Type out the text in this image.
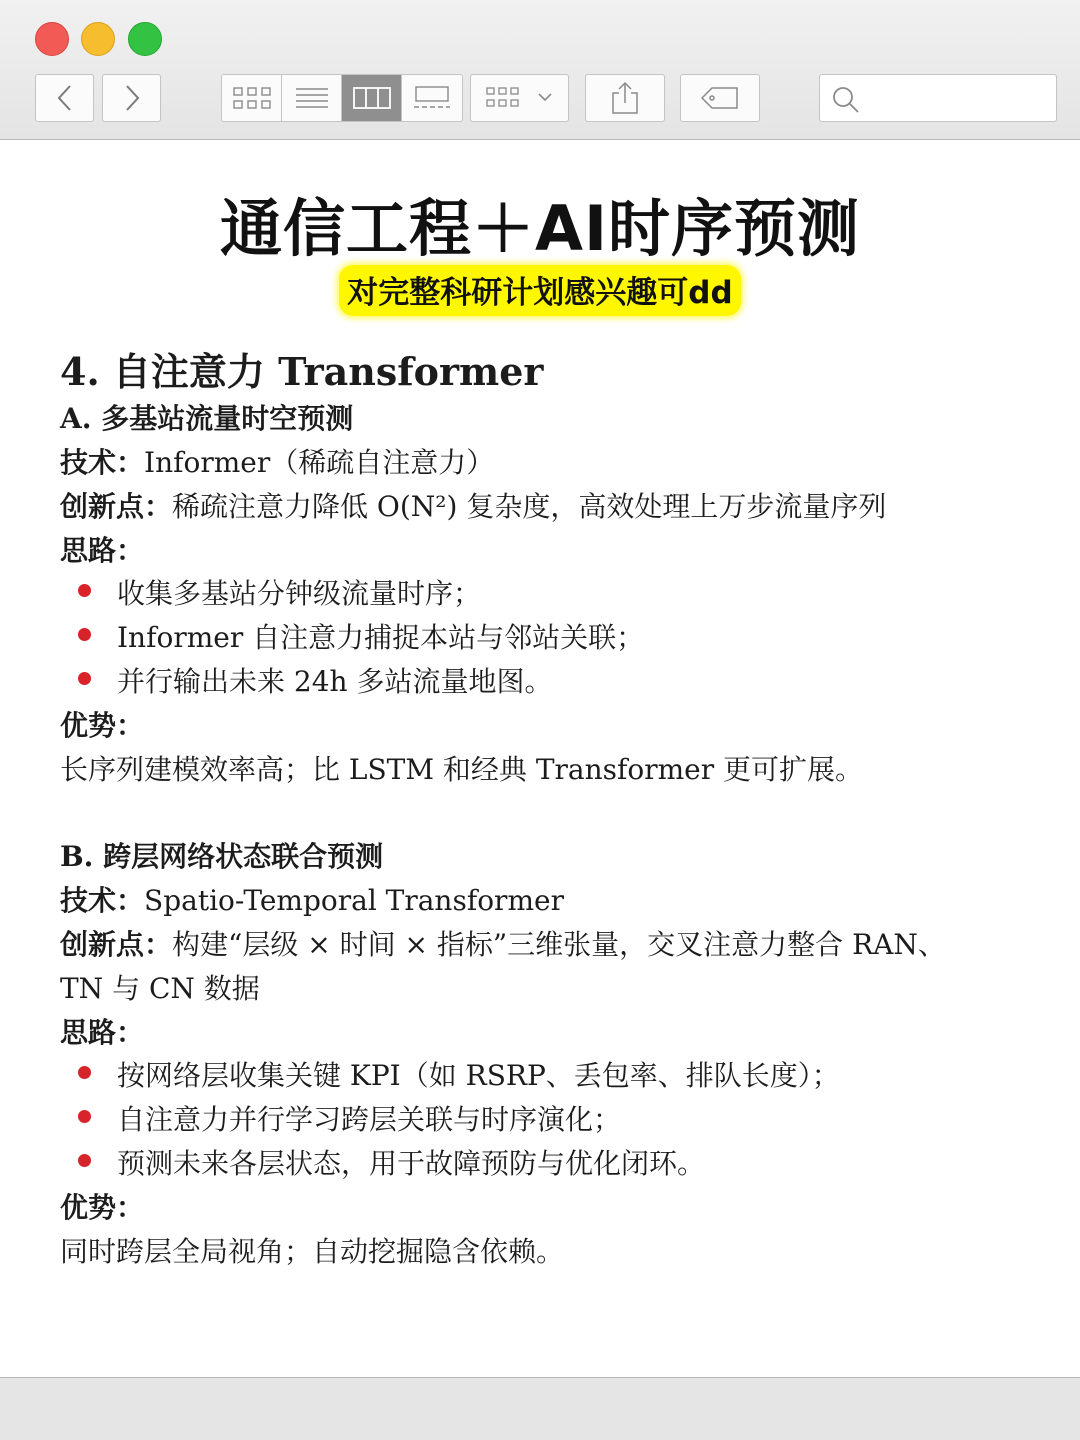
通信工程＋AI时序预测
对完整科研计划感兴趣可dd
4. 自注意力 Transformer
A. 多基站流量时空预测
技术：Informer（稀疏自注意力）
创新点：稀疏注意力降低 O(N²) 复杂度，高效处理上万步流量序列
思路：
收集多基站分钟级流量时序；
Informer 自注意力捕捉本站与邻站关联；
并行输出未来 24h 多站流量地图。
优势：
长序列建模效率高；比 LSTM 和经典 Transformer 更可扩展。
B. 跨层网络状态联合预测
技术：Spatio-Temporal Transformer
创新点：构建“层级 × 时间 × 指标”三维张量，交叉注意力整合 RAN、
TN 与 CN 数据
思路：
按网络层收集关键 KPI（如 RSRP、丢包率、排队长度）；
自注意力并行学习跨层关联与时序演化；
预测未来各层状态，用于故障预防与优化闭环。
优势：
同时跨层全局视角；自动挖掘隐含依赖。
